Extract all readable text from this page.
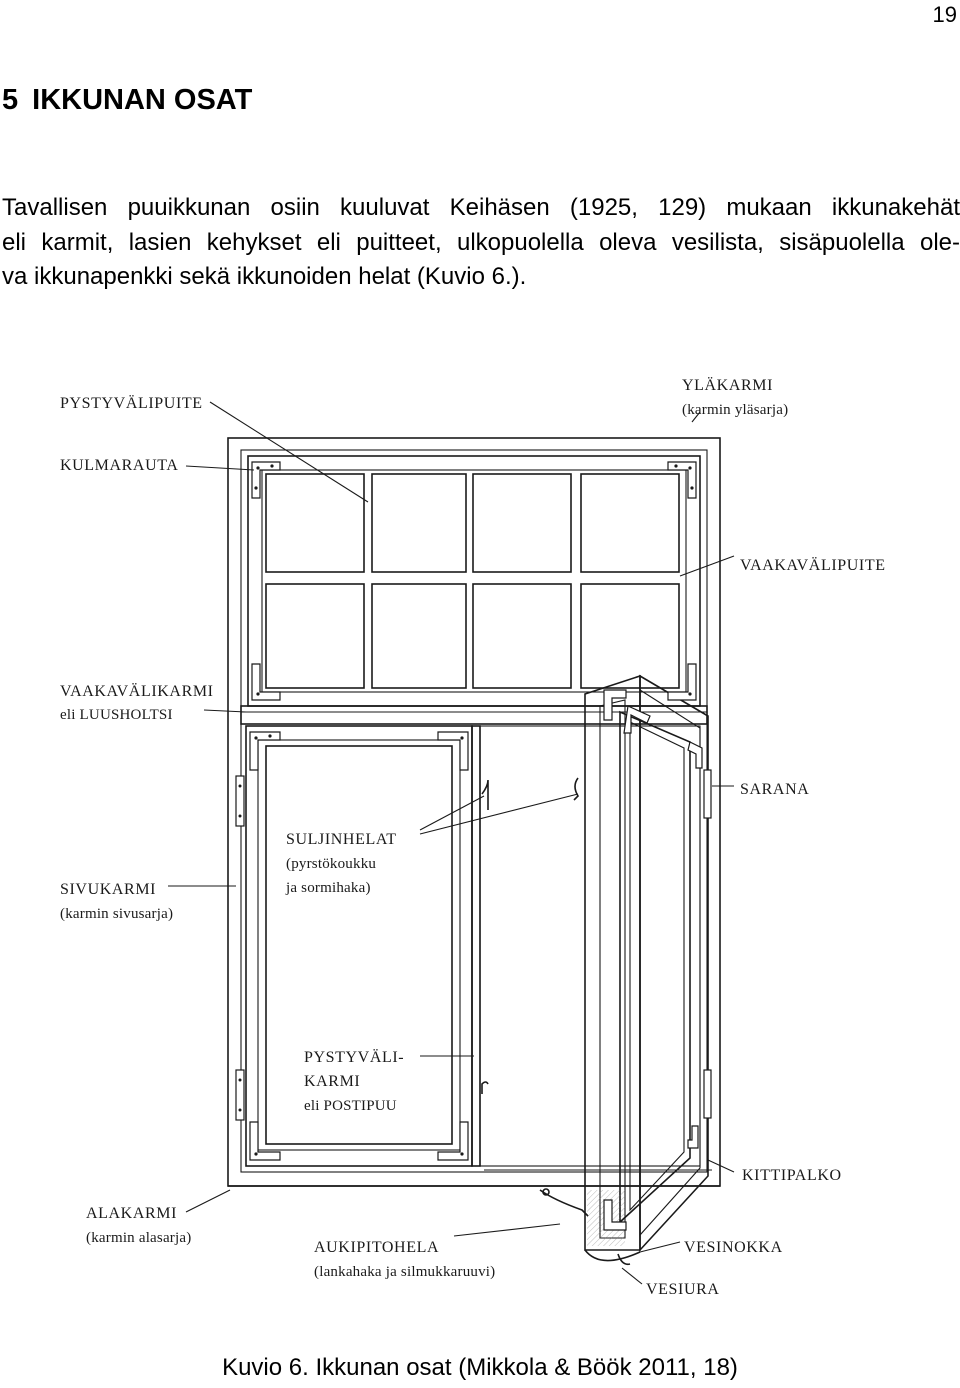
19
5 IKKUNAN OSAT
Tavallisen puuikkunan osiin kuuluvat Keihäsen (1925, 129) mukaan ikkunakehät
eli karmit, lasien kehykset eli puitteet, ulkopuolella oleva vesilista, sisäpuolella ole-
va ikkunapenkki sekä ikkunoiden helat (Kuvio 6.).
PYSTYVÄLIPUITE
YLÄKARMI
(karmin yläsarja)
KULMARAUTA
VAAKAVÄLIPUITE
VAAKAVÄLIKARMI
eli LUUSHOLTSI
SARANA
SULJINHELAT
(pyrstökoukku
ja sormihaka)
SIVUKARMI
(karmin sivusarja)
PYSTYVÄLI-
KARMI
eli POSTIPUU
KITTIPALKO
ALAKARMI
(karmin alasarja)
AUKIPITOHELA
(lankahaka ja silmukkaruuvi)
VESINOKKA
VESIURA
Kuvio 6. Ikkunan osat (Mikkola & Böök 2011, 18)
